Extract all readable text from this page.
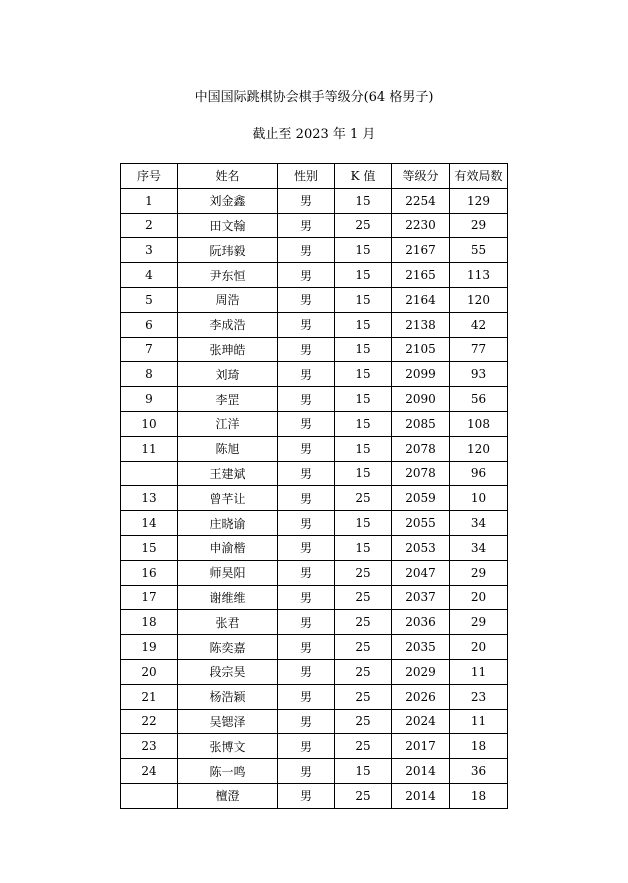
中国国际跳棋协会棋手等级分(64 格男子)
截止至 2023 年 1 月
序号	姓名	性别	K 值	等级分	有效局数
1	刘金鑫	男	15	2254	129
2	田文翰	男	25	2230	29
3	阮玮毅	男	15	2167	55
4	尹东恒	男	15	2165	113
5	周浩	男	15	2164	120
6	李成浩	男	15	2138	42
7	张珅皓	男	15	2105	77
8	刘琦	男	15	2099	93
9	李罡	男	15	2090	56
10	江洋	男	15	2085	108
11	陈旭	男	15	2078	120
	王建斌	男	15	2078	96
13	曾芊让	男	25	2059	10
14	庄晓谕	男	15	2055	34
15	申渝楷	男	15	2053	34
16	师昊阳	男	25	2047	29
17	谢维维	男	25	2037	20
18	张君	男	25	2036	29
19	陈奕嘉	男	25	2035	20
20	段宗昊	男	25	2029	11
21	杨浩颖	男	25	2026	23
22	吴锶泽	男	25	2024	11
23	张博文	男	25	2017	18
24	陈一鸣	男	15	2014	36
	檀澄	男	25	2014	18
